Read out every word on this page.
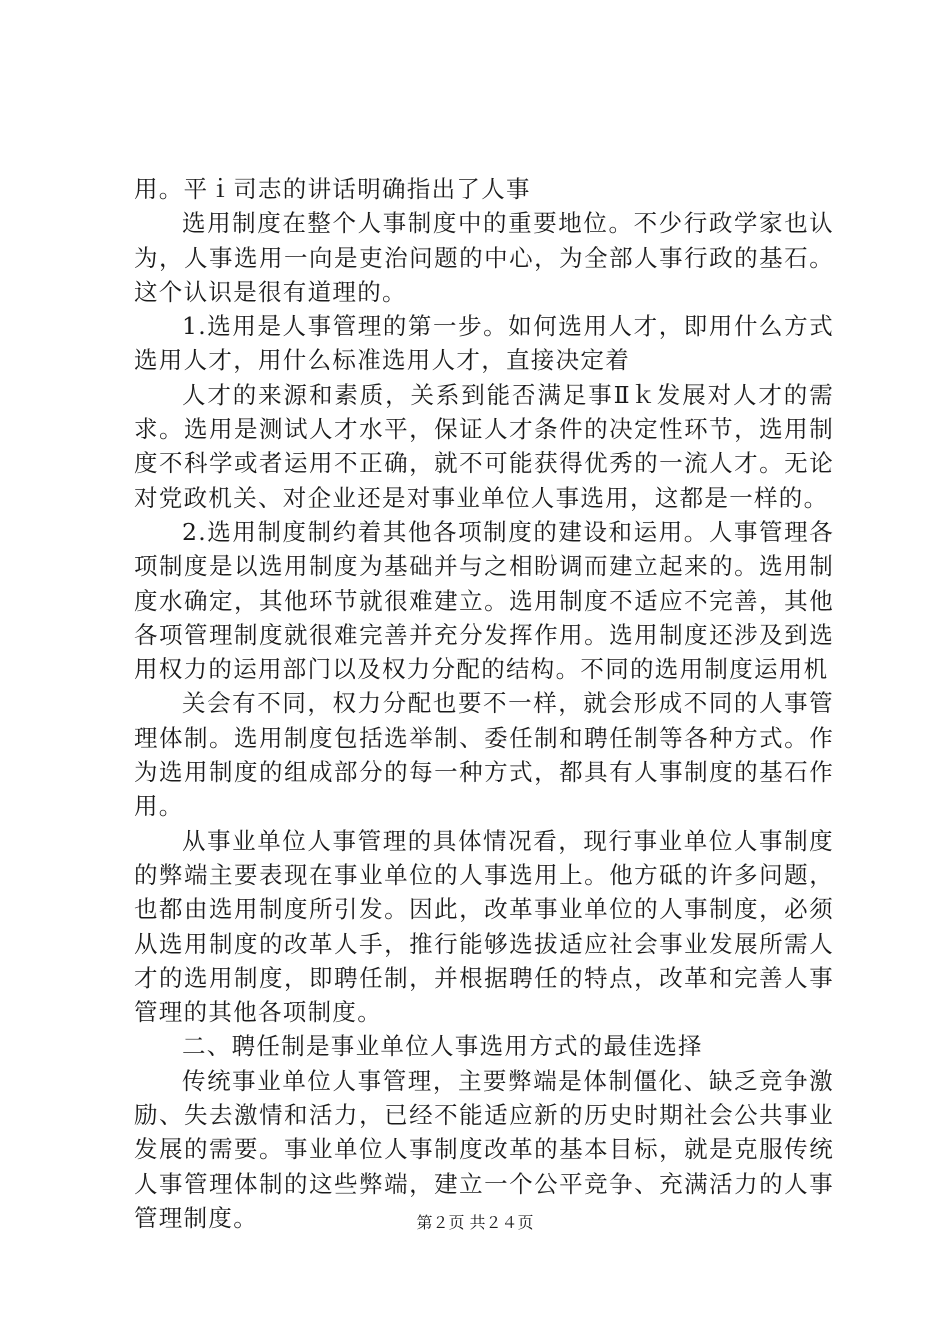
用。平ｉ司志的讲话明确指出了人事

选用制度在整个人事制度中的重要地位。不少行政学家也认为，人事选用一向是吏治问题的中心，为全部人事行政的基石。这个认识是很有道理的。

1.选用是人事管理的第一步。如何选用人才，即用什么方式选用人才，用什么标准选用人才，直接决定着

人才的来源和素质，关系到能否满足事Ⅱｋ发展对人才的需求。选用是测试人才水平，保证人才条件的决定性环节，选用制度不科学或者运用不正确，就不可能获得优秀的一流人才。无论对党政机关、对企业还是对事业单位人事选用，这都是一样的。

2.选用制度制约着其他各项制度的建设和运用。人事管理各项制度是以选用制度为基础并与之相盼调而建立起来的。选用制度水确定，其他环节就很难建立。选用制度不适应不完善，其他各项管理制度就很难完善并充分发挥作用。选用制度还涉及到选用权力的运用部门以及权力分配的结构。不同的选用制度运用机

关会有不同，权力分配也要不一样，就会形成不同的人事管理体制。选用制度包括选举制、委任制和聘任制等各种方式。作为选用制度的组成部分的每一种方式，都具有人事制度的基石作用。

从事业单位人事管理的具体情况看，现行事业单位人事制度的弊端主要表现在事业单位的人事选用上。他方砥的许多问题，也都由选用制度所引发。因此，改革事业单位的人事制度，必须从选用制度的改革人手，推行能够选拔适应社会事业发展所需人才的选用制度，即聘任制，并根据聘任的特点，改革和完善人事管理的其他各项制度。

二、聘任制是事业单位人事选用方式的最佳选择

传统事业单位人事管理，主要弊端是体制僵化、缺乏竞争激励、失去激情和活力，已经不能适应新的历史时期社会公共事业发展的需要。事业单位人事制度改革的基本目标，就是克服传统人事管理体制的这些弊端，建立一个公平竞争、充满活力的人事管理制度。	第２页 共２４页
